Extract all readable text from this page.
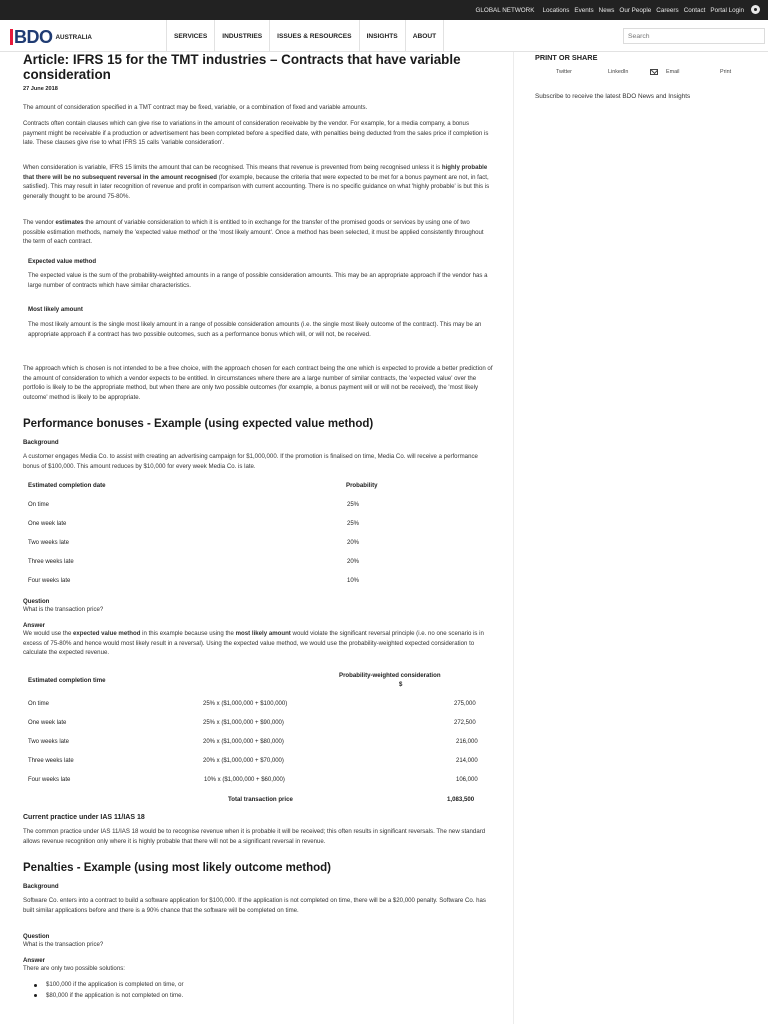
GLOBAL NETWORK Locations Events News Our People Careers Contact Portal Login
BDO AUSTRALIA	SERVICES	INDUSTRIES	ISSUES & RESOURCES	INSIGHTS	ABOUT
Search
PRINT OR SHARE
Twitter	LinkedIn	Email	Print
Subscribe to receive the latest BDO News and Insights
Article: IFRS 15 for the TMT industries – Contracts that have variable consideration
27 June 2018

The amount of consideration specified in a TMT contract may be fixed, variable, or a combination of fixed and variable amounts.

Contracts often contain clauses which can give rise to variations in the amount of consideration receivable by the vendor. For example, for a media company, a bonus payment might be receivable if a production or advertisement has been completed before a specified date, with penalties being deducted from the sales price if completion is late. These clauses give rise to what IFRS 15 calls 'variable consideration'.

When consideration is variable, IFRS 15 limits the amount that can be recognised. This means that revenue is prevented from being recognised unless it is highly probable that there will be no subsequent reversal in the amount recognised (for example, because the criteria that were expected to be met for a bonus payment are not, in fact, satisfied). This may result in later recognition of revenue and profit in comparison with current accounting. There is no specific guidance on what 'highly probable' is but this is generally thought to be around 75-80%.

The vendor estimates the amount of variable consideration to which it is entitled to in exchange for the transfer of the promised goods or services by using one of two possible estimation methods, namely the 'expected value method' or the 'most likely amount'. Once a method has been selected, it must be applied consistently throughout the term of each contract.

Expected value method

The expected value is the sum of the probability-weighted amounts in a range of possible consideration amounts. This may be an appropriate approach if the vendor has a large number of contracts which have similar characteristics.

Most likely amount

The most likely amount is the single most likely amount in a range of possible consideration amounts (i.e. the single most likely outcome of the contract). This may be an appropriate approach if a contract has two possible outcomes, such as a performance bonus which will, or will not, be received.

The approach which is chosen is not intended to be a free choice, with the approach chosen for each contract being the one which is expected to provide a better prediction of the amount of consideration to which a vendor expects to be entitled. In circumstances where there are a large number of similar contracts, the 'expected value' over the portfolio is likely to be the appropriate method, but when there are only two possible outcomes (for example, a bonus payment will or will not be received), the 'most likely outcome' method is likely to be appropriate.

Performance bonuses - Example (using expected value method)
Background

A customer engages Media Co. to assist with creating an advertising campaign for $1,000,000. If the promotion is finalised on time, Media Co. will receive a performance bonus of $100,000. This amount reduces by $10,000 for every week Media Co. is late.

Estimated completion date	Probability
On time	25%
One week late	25%
Two weeks late	20%
Three weeks late	20%
Four weeks late	10%
Question

What is the transaction price?

Answer

We would use the expected value method in this example because using the most likely amount would violate the significant reversal principle (i.e. no one scenario is in excess of 75-80% and hence would most likely result in a reversal). Using the expected value method, we would use the probability-weighted expected consideration to calculate the expected revenue.

Estimated completion time
Probability-weighted consideration
$
On time	25% x ($1,000,000 + $100,000)	275,000
One week late	25% x ($1,000,000 + $90,000)	272,500
Two weeks late	20% x ($1,000,000 + $80,000)	216,000
Three weeks late	20% x ($1,000,000 + $70,000)	214,000
Four weeks late	10% x ($1,000,000 + $60,000)	106,000
Total transaction price	1,083,500
Current practice under IAS 11/IAS 18

The common practice under IAS 11/IAS 18 would be to recognise revenue when it is probable it will be received; this often results in significant reversals. The new standard allows revenue recognition only where it is highly probable that there will not be a significant reversal in revenue.

Penalties - Example (using most likely outcome method)
Background

Software Co. enters into a contract to build a software application for $100,000. If the application is not completed on time, there will be a $20,000 penalty. Software Co. has built similar applications before and there is a 90% chance that the software will be completed on time.

Question

What is the transaction price?

Answer

There are only two possible solutions:

$100,000 if the application is completed on time, or
$80,000 if the application is not completed on time.
